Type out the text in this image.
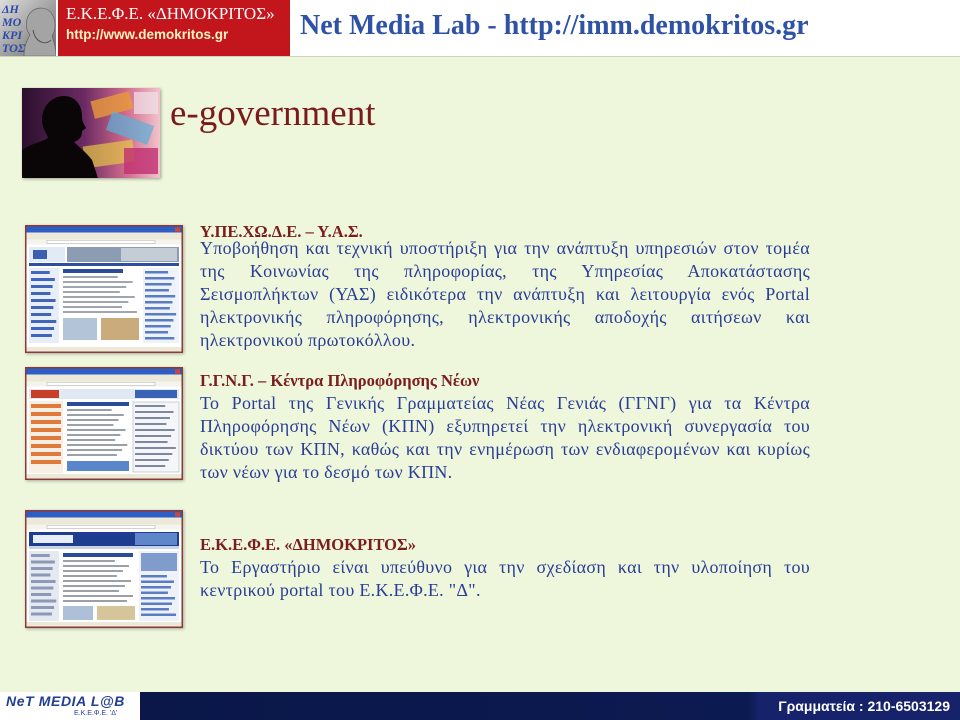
ΔΗ
ΜΟ
ΚΡΙ
ΤΟΣ
Ε.Κ.Ε.Φ.Ε. «ΔΗΜΟΚΡΙΤΟΣ»
http://www.demokritos.gr	Net Media Lab - http://imm.demokritos.gr
e-government
Υ.ΠΕ.ΧΩ.Δ.Ε. – Υ.Α.Σ.
Υποβοήθηση και τεχνική υποστήριξη για την ανάπτυξη υπηρεσιών στον τομέα της Κοινωνίας της πληροφορίας, της Υπηρεσίας Αποκατάστασης Σεισμοπλήκτων (ΥΑΣ) ειδικότερα την ανάπτυξη και λειτουργία ενός Portal ηλεκτρονικής πληροφόρησης, ηλεκτρονικής αποδοχής αιτήσεων και ηλεκτρονικού πρωτοκόλλου.
Γ.Γ.Ν.Γ. – Κέντρα Πληροφόρησης Νέων
Το Portal της Γενικής Γραμματείας Νέας Γενιάς (ΓΓΝΓ) για τα Κέντρα Πληροφόρησης Νέων (ΚΠΝ) εξυπηρετεί την ηλεκτρονική συνεργασία του δικτύου των ΚΠΝ, καθώς και την ενημέρωση των ενδιαφερομένων και κυρίως των νέων για το δεσμό των ΚΠΝ.
Ε.Κ.Ε.Φ.Ε. «ΔΗΜΟΚΡΙΤΟΣ»
Το Εργαστήριο είναι υπεύθυνο για την σχεδίαση και την υλοποίηση του κεντρικού portal του Ε.Κ.Ε.Φ.Ε. "Δ".
NeT MEDIA L@B
Ε.Κ.Ε.Φ.Ε. 'Δ'	Γραμματεία : 210-6503129
